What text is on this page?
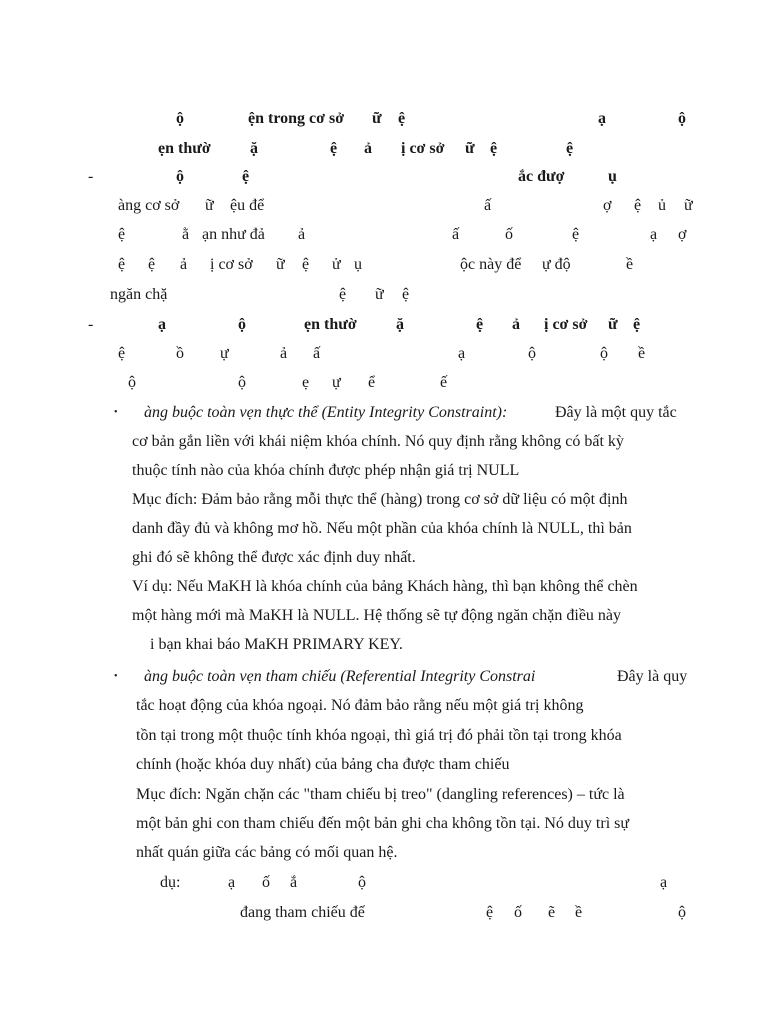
ộ	ện trong cơ sở ữ ệ	ạ	ộ
ẹn thườ ặ	ệ ả ị cơ sở ữ ệ	ệ
-	ộ	ệ	ắc đượ	ụ
àng cơ sở ữ ệu để	ấ	ợ ệ ủ ữ
ệ	ằ ạn như đả ả	ấ	ố	ệ	ạ ợ
ệ ệ ả ị cơ sở ữ ệ ử ụ	ộc này để ự độ	ề
ngăn chặ	ệ ữ ệ
-	ạ	ộ	ẹn thườ ặ	ệ ả ị cơ sở ữ ệ
ệ	ồ ự	ả ấ	ạ	ộ	ộ ề
ộ	ộ	ẹ ự ể	ế
• àng buộc toàn vẹn thực thể (Entity Integrity Constraint):	Đây là một quy tắc
cơ bản gắn liền với khái niệm khóa chính. Nó quy định rằng không có bất kỳ
thuộc tính nào của khóa chính được phép nhận giá trị NULL
Mục đích: Đảm bảo rằng mỗi thực thể (hàng) trong cơ sở dữ liệu có một định
danh đầy đủ và không mơ hồ. Nếu một phần của khóa chính là NULL, thì bản
ghi đó sẽ không thể được xác định duy nhất.
Ví dụ: Nếu MaKH là khóa chính của bảng Khách hàng, thì bạn không thể chèn
một hàng mới mà MaKH là NULL. Hệ thống sẽ tự động ngăn chặn điều này
i bạn khai báo MaKH PRIMARY KEY.
• àng buộc toàn vẹn tham chiếu (Referential Integrity Constrai	Đây là quy
tắc hoạt động của khóa ngoại. Nó đảm bảo rằng nếu một giá trị không
tồn tại trong một thuộc tính khóa ngoại, thì giá trị đó phải tồn tại trong khóa
chính (hoặc khóa duy nhất) của bảng cha được tham chiếu
Mục đích: Ngăn chặn các "tham chiếu bị treo" (dangling references) – tức là
một bản ghi con tham chiếu đến một bản ghi cha không tồn tại. Nó duy trì sự
nhất quán giữa các bảng có mối quan hệ.
dụ:	ạ ố ắ	ộ	ạ
đang tham chiếu đế	ệ ố ẽ ề	ộ
